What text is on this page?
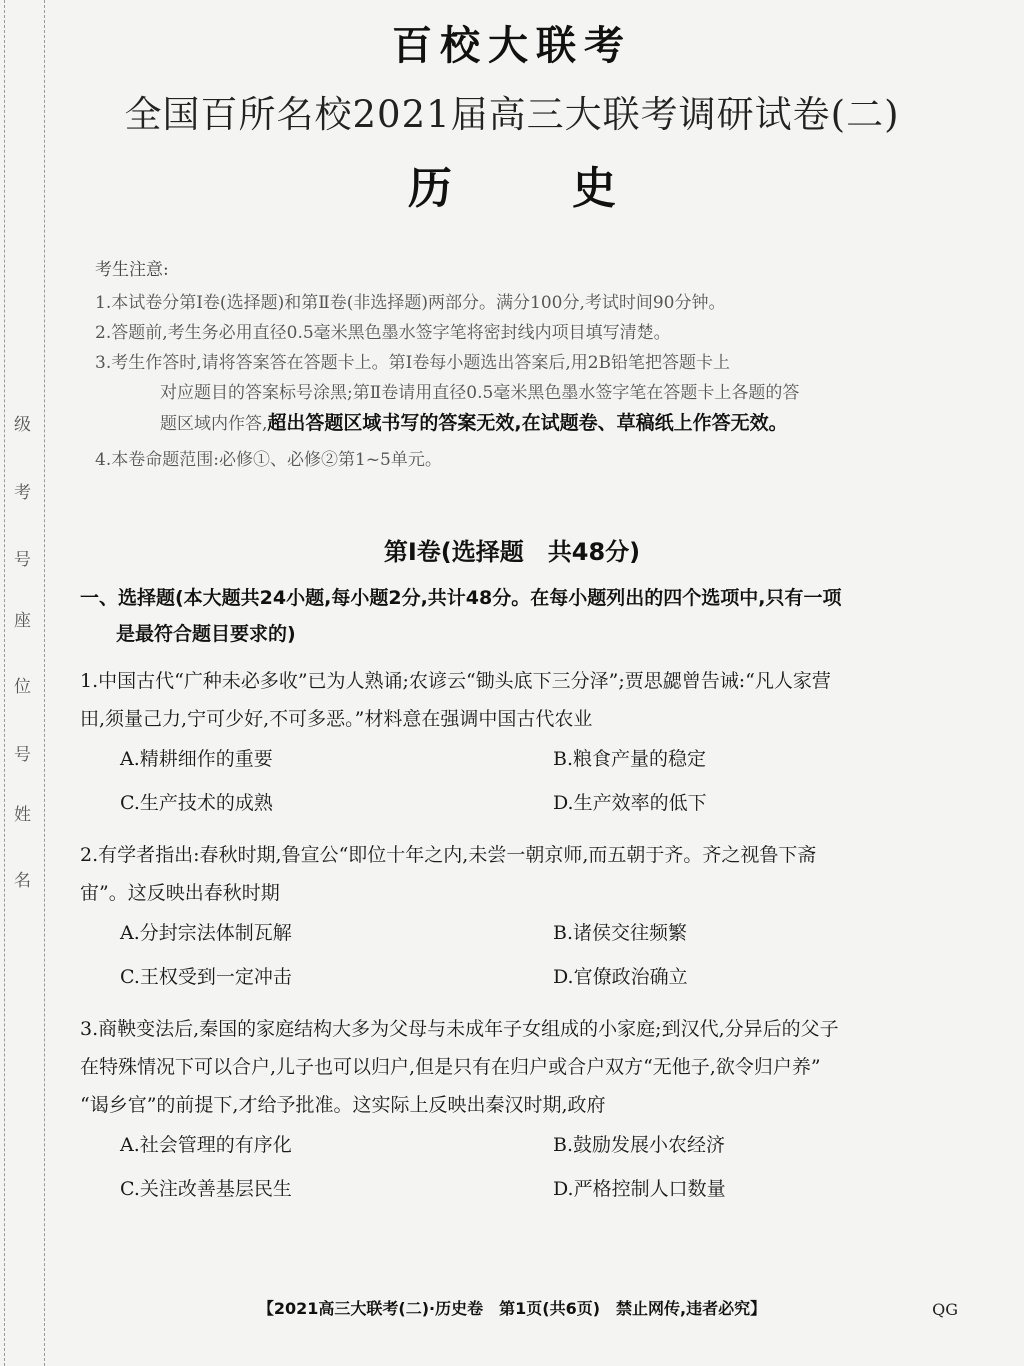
级
考
号
座
位
号
姓
名
百校大联考
全国百所名校2021届高三大联考调研试卷(二)
历史
考生注意:
1.本试卷分第Ⅰ卷(选择题)和第Ⅱ卷(非选择题)两部分。满分100分,考试时间90分钟。
2.答题前,考生务必用直径0.5毫米黑色墨水签字笔将密封线内项目填写清楚。
3.考生作答时,请将答案答在答题卡上。第Ⅰ卷每小题选出答案后,用2B铅笔把答题卡上
对应题目的答案标号涂黑;第Ⅱ卷请用直径0.5毫米黑色墨水签字笔在答题卡上各题的答
题区域内作答,超出答题区域书写的答案无效,在试题卷、草稿纸上作答无效。
4.本卷命题范围:必修①、必修②第1~5单元。
第Ⅰ卷(选择题　共48分)
一、选择题(本大题共24小题,每小题2分,共计48分。在每小题列出的四个选项中,只有一项
是最符合题目要求的)
1.中国古代“广种未必多收”已为人熟诵;农谚云“锄头底下三分泽”;贾思勰曾告诫:“凡人家营
田,须量己力,宁可少好,不可多恶。”材料意在强调中国古代农业
A.精耕细作的重要	B.粮食产量的稳定
C.生产技术的成熟	D.生产效率的低下
2.有学者指出:春秋时期,鲁宣公“即位十年之内,未尝一朝京师,而五朝于齐。齐之视鲁下斋
宙”。这反映出春秋时期
A.分封宗法体制瓦解	B.诸侯交往频繁
C.王权受到一定冲击	D.官僚政治确立
3.商鞅变法后,秦国的家庭结构大多为父母与未成年子女组成的小家庭;到汉代,分异后的父子
在特殊情况下可以合户,儿子也可以归户,但是只有在归户或合户双方“无他子,欲令归户养”
“谒乡官”的前提下,才给予批准。这实际上反映出秦汉时期,政府
A.社会管理的有序化	B.鼓励发展小农经济
C.关注改善基层民生	D.严格控制人口数量
【2021高三大联考(二)·历史卷　第1页(共6页)　禁止网传,违者必究】	QG
